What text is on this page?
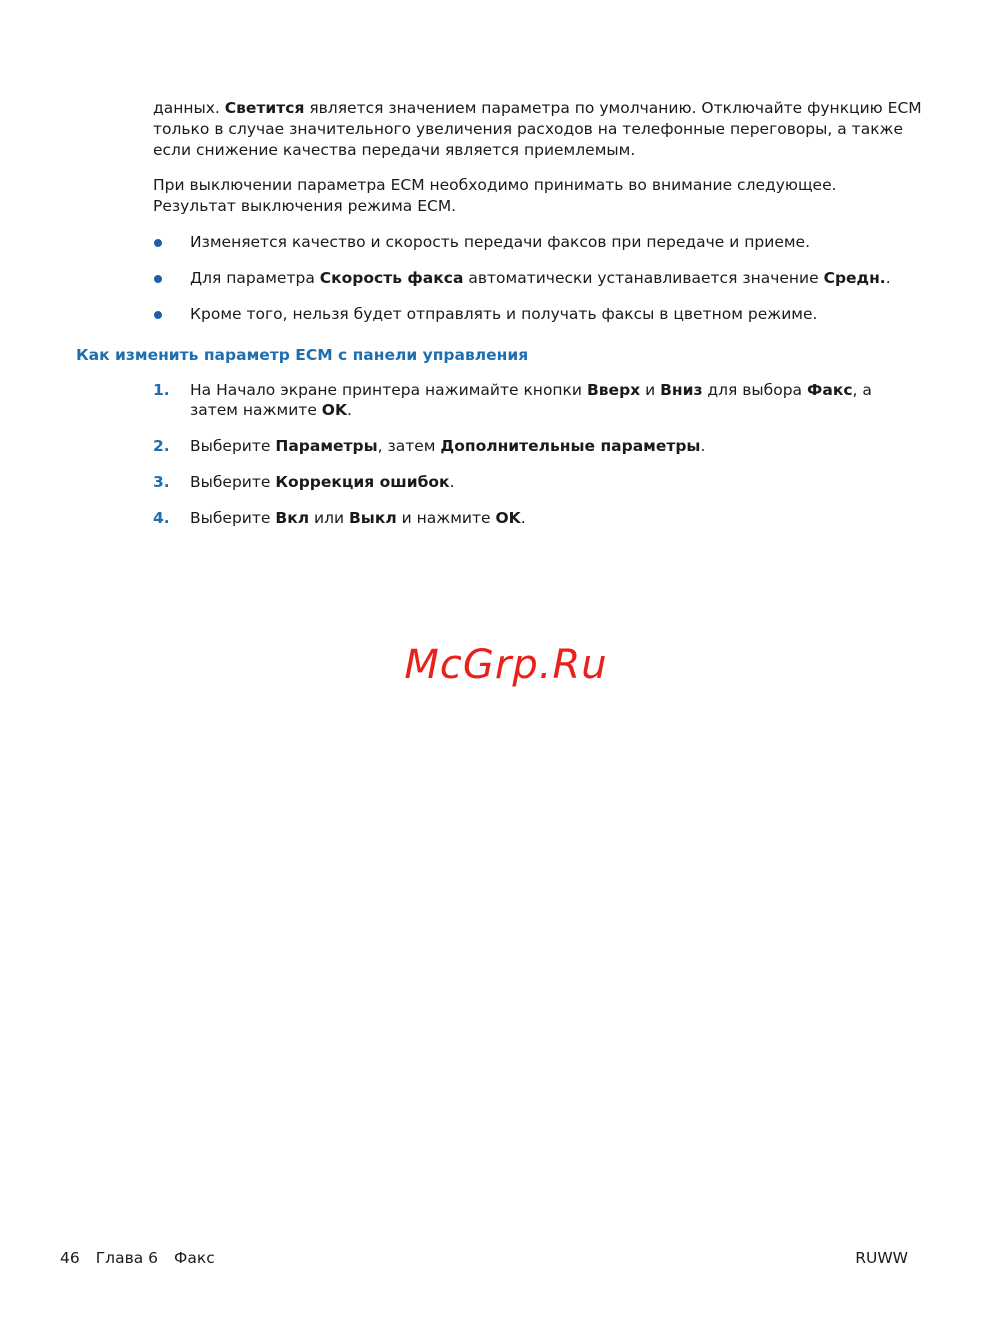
данных. Светится является значением параметра по умолчанию. Отключайте функцию ECM только в случае значительного увеличения расходов на телефонные переговоры, а также если снижение качества передачи является приемлемым.

При выключении параметра ECM необходимо принимать во внимание следующее. Результат выключения режима ECM.

Изменяется качество и скорость передачи факсов при передаче и приеме.
Для параметра Скорость факса автоматически устанавливается значение Средн..
Кроме того, нельзя будет отправлять и получать факсы в цветном режиме.
Как изменить параметр ECM с панели управления
1. На Начало экране принтера нажимайте кнопки Вверх и Вниз для выбора Факс, а затем нажмите OK.
2. Выберите Параметры, затем Дополнительные параметры.
3. Выберите Коррекция ошибок.
4. Выберите Вкл или Выкл и нажмите OK.
McGrp.Ru
46 Глава 6 Факс	RUWW
